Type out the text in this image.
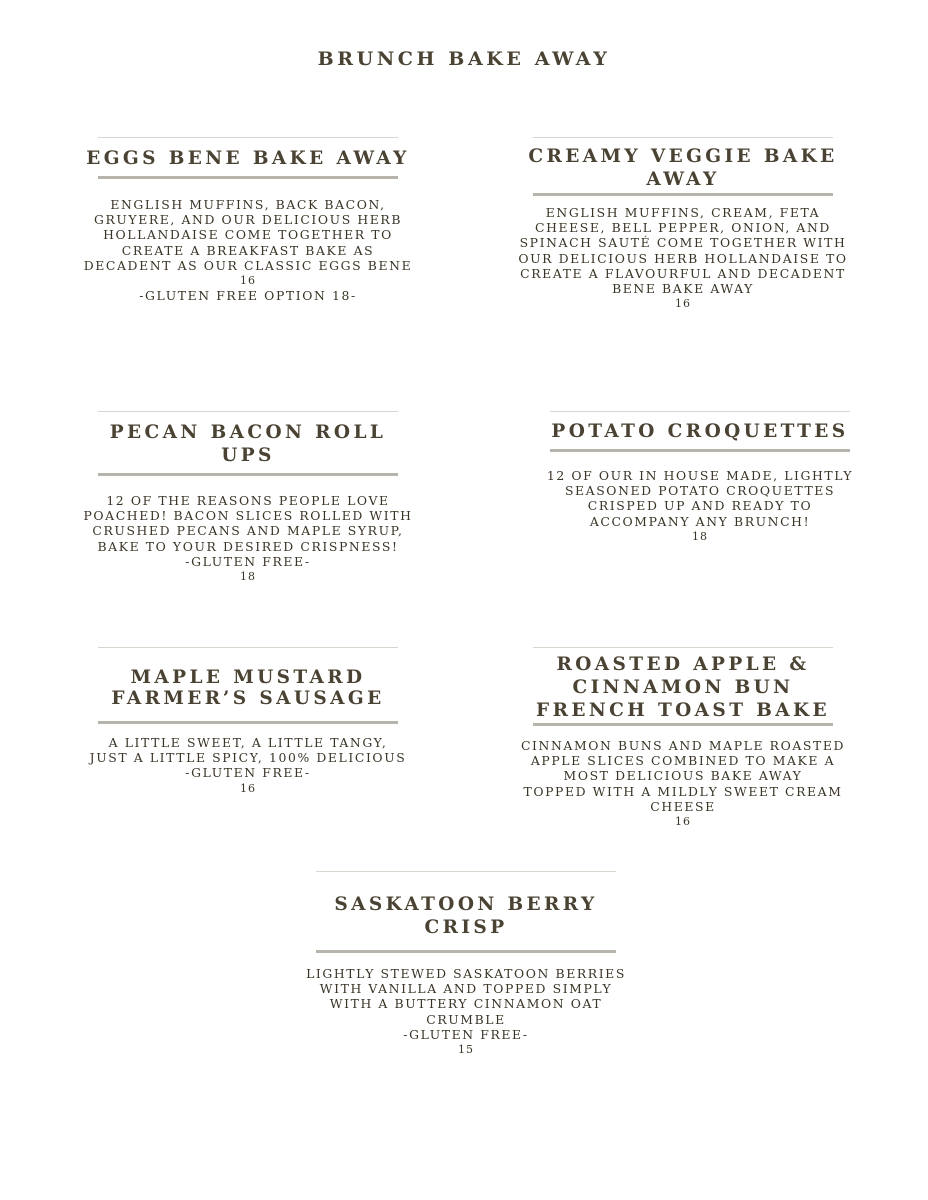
BRUNCH BAKE AWAY
EGGS BENE BAKE AWAY
ENGLISH MUFFINS, BACK BACON,
GRUYERE, AND OUR DELICIOUS HERB
HOLLANDAISE COME TOGETHER TO
CREATE A BREAKFAST BAKE AS
DECADENT AS OUR CLASSIC EGGS BENE
16
-GLUTEN FREE OPTION 18-
CREAMY VEGGIE BAKE
AWAY
ENGLISH MUFFINS, CREAM, FETA
CHEESE, BELL PEPPER, ONION, AND
SPINACH SAUTÉ COME TOGETHER WITH
OUR DELICIOUS HERB HOLLANDAISE TO
CREATE A FLAVOURFUL AND DECADENT
BENE BAKE AWAY
16
PECAN BACON ROLL UPS
12 OF THE REASONS PEOPLE LOVE
POACHED! BACON SLICES ROLLED WITH
CRUSHED PECANS AND MAPLE SYRUP,
BAKE TO YOUR DESIRED CRISPNESS!
-GLUTEN FREE-
18
POTATO CROQUETTES
12 OF OUR IN HOUSE MADE, LIGHTLY
SEASONED POTATO CROQUETTES
CRISPED UP AND READY TO
ACCOMPANY ANY BRUNCH!
18
MAPLE MUSTARD
FARMER’S SAUSAGE
A LITTLE SWEET, A LITTLE TANGY,
JUST A LITTLE SPICY, 100% DELICIOUS
-GLUTEN FREE-
16
ROASTED APPLE &
CINNAMON BUN
FRENCH TOAST BAKE
CINNAMON BUNS AND MAPLE ROASTED
APPLE SLICES COMBINED TO MAKE A
MOST DELICIOUS BAKE AWAY
TOPPED WITH A MILDLY SWEET CREAM
CHEESE
16
SASKATOON BERRY CRISP
LIGHTLY STEWED SASKATOON BERRIES
WITH VANILLA AND TOPPED SIMPLY
WITH A BUTTERY CINNAMON OAT
CRUMBLE
-GLUTEN FREE-
15
